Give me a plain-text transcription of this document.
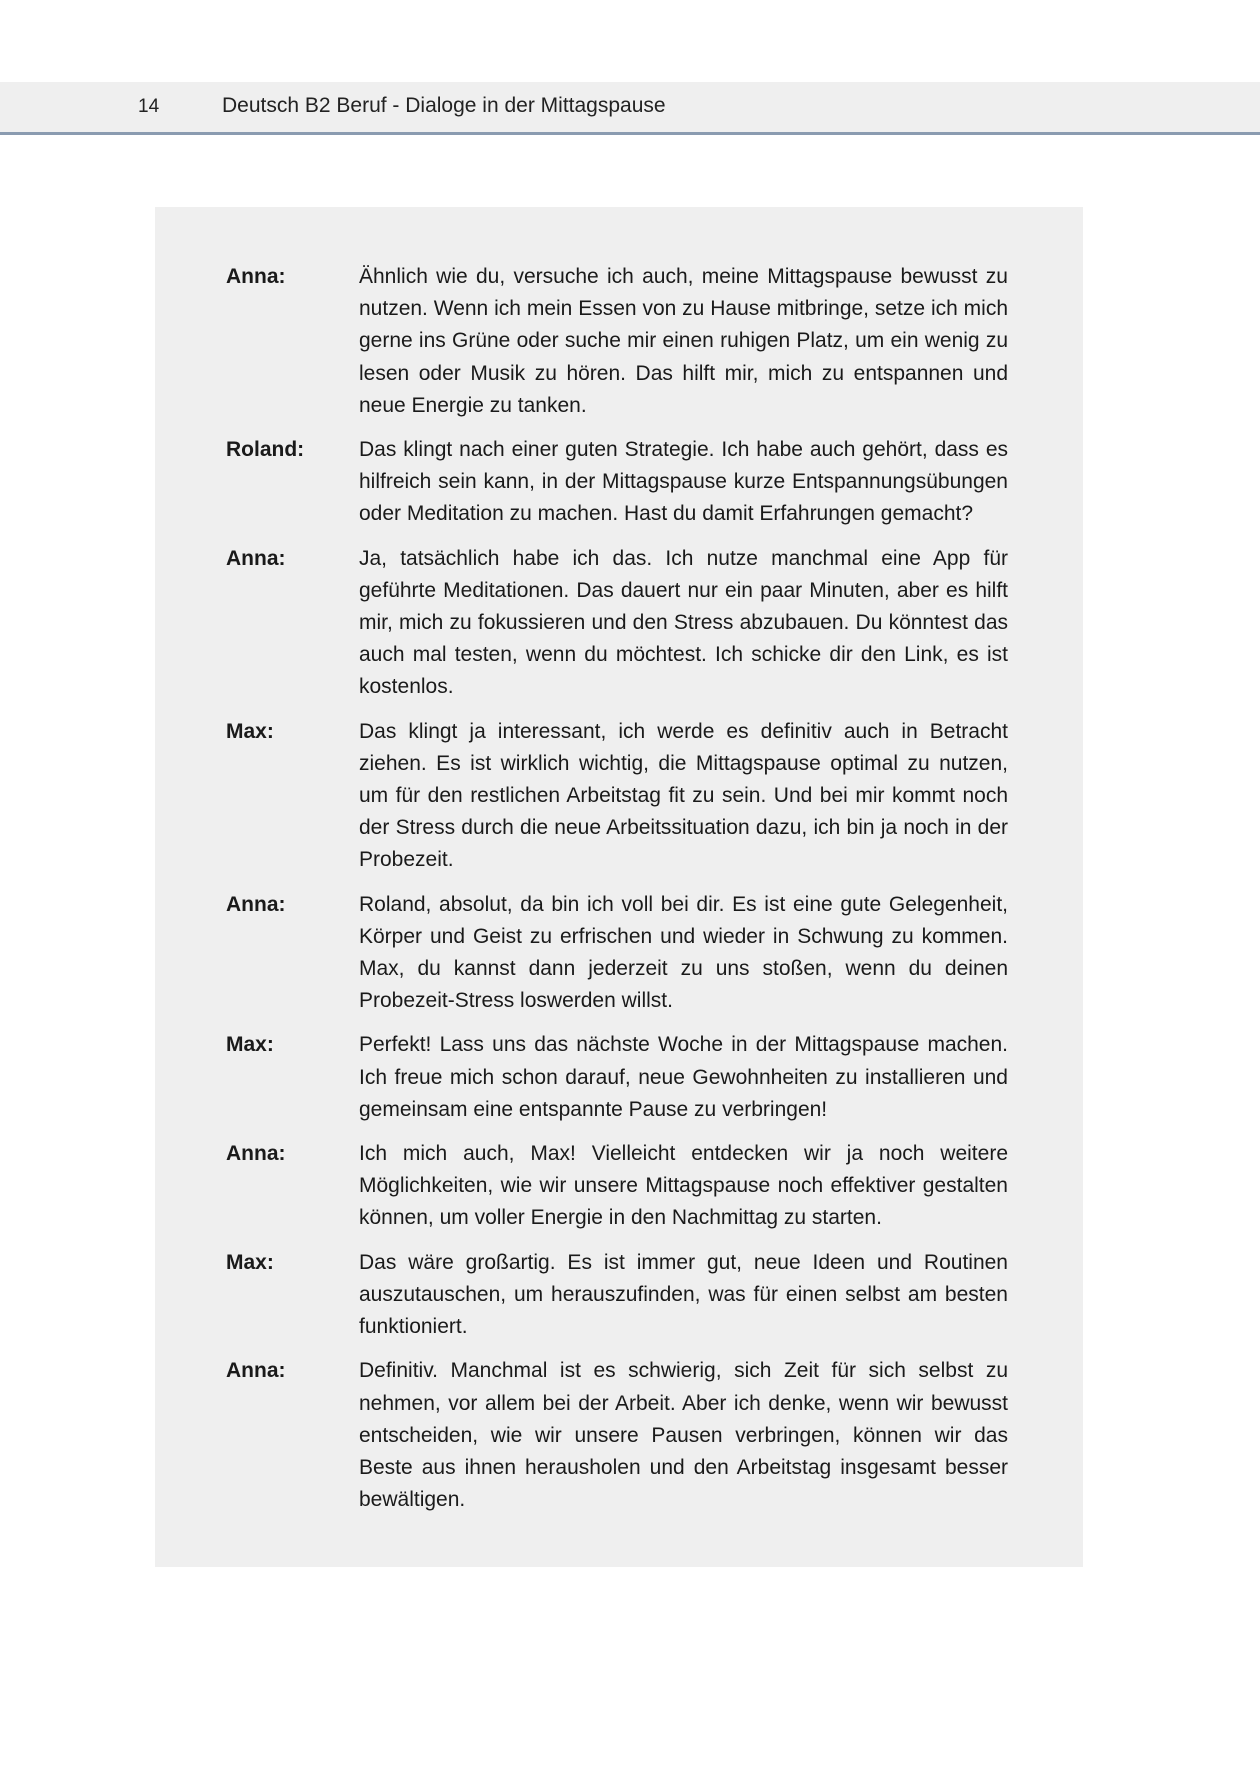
14	Deutsch B2 Beruf - Dialoge in der Mittagspause
Anna:	Ähnlich wie du, versuche ich auch, meine Mittagspause bewusst zu nutzen. Wenn ich mein Essen von zu Hause mitbringe, setze ich mich gerne ins Grüne oder suche mir einen ruhigen Platz, um ein wenig zu lesen oder Musik zu hören. Das hilft mir, mich zu entspannen und neue Energie zu tanken.
Roland:	Das klingt nach einer guten Strategie. Ich habe auch gehört, dass es hilfreich sein kann, in der Mittagspause kurze Entspannungsübungen oder Meditation zu machen. Hast du damit Erfahrungen gemacht?
Anna:	Ja, tatsächlich habe ich das. Ich nutze manchmal eine App für geführte Meditationen. Das dauert nur ein paar Minuten, aber es hilft mir, mich zu fokussieren und den Stress abzubauen. Du könntest das auch mal testen, wenn du möchtest. Ich schicke dir den Link, es ist kostenlos.
Max:	Das klingt ja interessant, ich werde es definitiv auch in Betracht ziehen. Es ist wirklich wichtig, die Mittagspause optimal zu nutzen, um für den restlichen Arbeitstag fit zu sein. Und bei mir kommt noch der Stress durch die neue Arbeitssituation dazu, ich bin ja noch in der Probezeit.
Anna:	Roland, absolut, da bin ich voll bei dir. Es ist eine gute Gelegenheit, Körper und Geist zu erfrischen und wieder in Schwung zu kommen. Max, du kannst dann jederzeit zu uns stoßen, wenn du deinen Probezeit-Stress loswerden willst.
Max:	Perfekt! Lass uns das nächste Woche in der Mittagspause machen. Ich freue mich schon darauf, neue Gewohnheiten zu installieren und gemeinsam eine entspannte Pause zu verbringen!
Anna:	Ich mich auch, Max! Vielleicht entdecken wir ja noch weitere Möglichkeiten, wie wir unsere Mittagspause noch effektiver gestalten können, um voller Energie in den Nachmittag zu starten.
Max:	Das wäre großartig. Es ist immer gut, neue Ideen und Routinen auszutauschen, um herauszufinden, was für einen selbst am besten funktioniert.
Anna:	Definitiv. Manchmal ist es schwierig, sich Zeit für sich selbst zu nehmen, vor allem bei der Arbeit. Aber ich denke, wenn wir bewusst entscheiden, wie wir unsere Pausen verbringen, können wir das Beste aus ihnen herausholen und den Arbeitstag insgesamt besser bewältigen.
